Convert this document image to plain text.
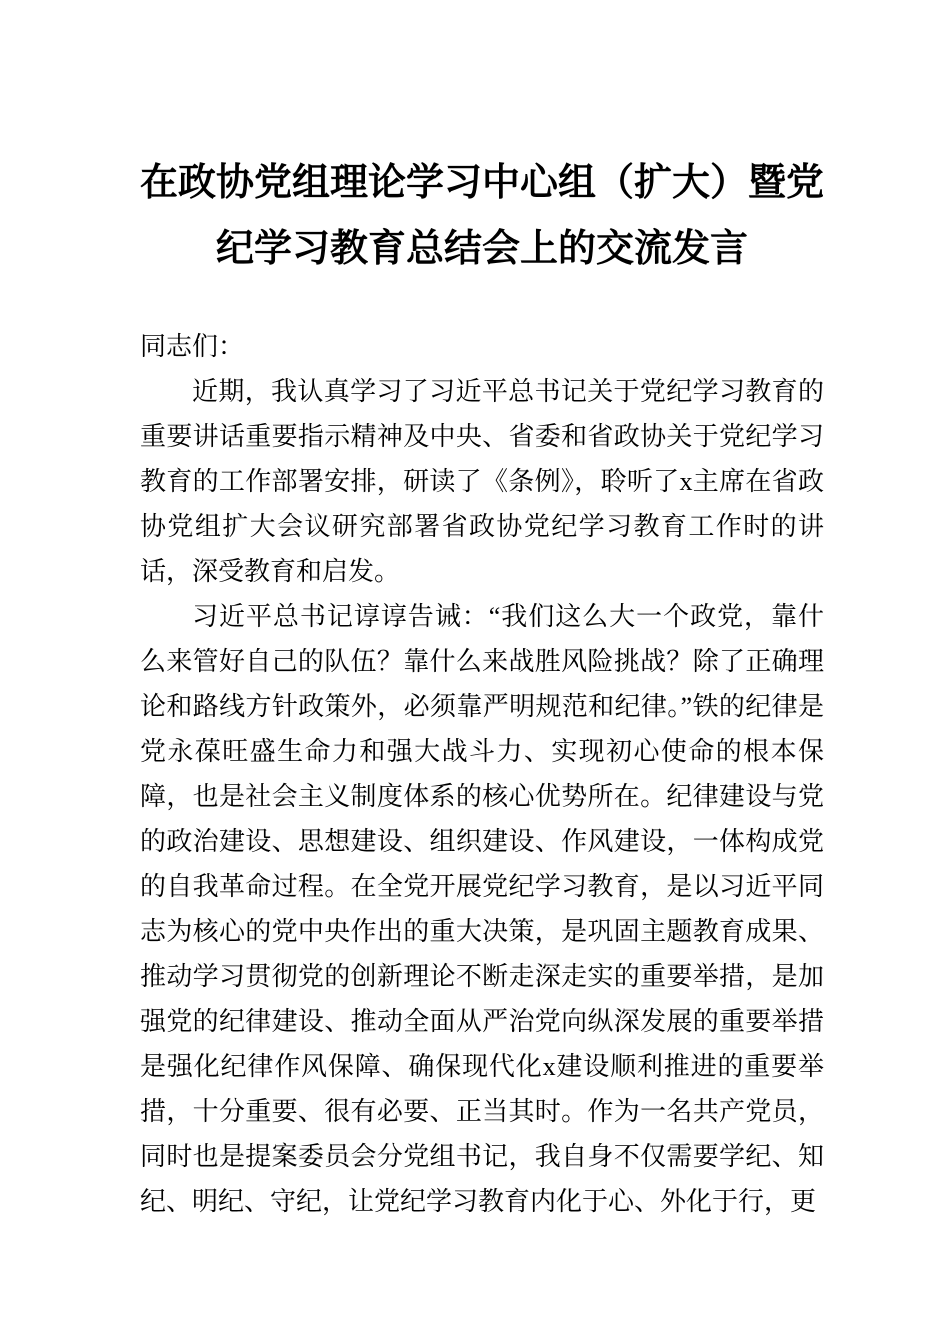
在政协党组理论学习中心组（扩大）暨党
纪学习教育总结会上的交流发言

同志们：

近期，我认真学习了习近平总书记关于党纪学习教育的重要讲话重要指示精神及中央、省委和省政协关于党纪学习教育的工作部署安排，研读了《条例》，聆听了x主席在省政协党组扩大会议研究部署省政协党纪学习教育工作时的讲话，深受教育和启发。

习近平总书记谆谆告诫：“我们这么大一个政党，靠什么来管好自己的队伍？靠什么来战胜风险挑战？除了正确理论和路线方针政策外，必须靠严明规范和纪律。”铁的纪律是党永葆旺盛生命力和强大战斗力、实现初心使命的根本保障，也是社会主义制度体系的核心优势所在。纪律建设与党的政治建设、思想建设、组织建设、作风建设，一体构成党的自我革命过程。在全党开展党纪学习教育，是以习近平同志为核心的党中央作出的重大决策，是巩固主题教育成果、推动学习贯彻党的创新理论不断走深走实的重要举措，是加强党的纪律建设、推动全面从严治党向纵深发展的重要举措是强化纪律作风保障、确保现代化x建设顺利推进的重要举措，十分重要、很有必要、正当其时。作为一名共产党员，同时也是提案委员会分党组书记，我自身不仅需要学纪、知纪、明纪、守纪，让党纪学习教育内化于心、外化于行，更
